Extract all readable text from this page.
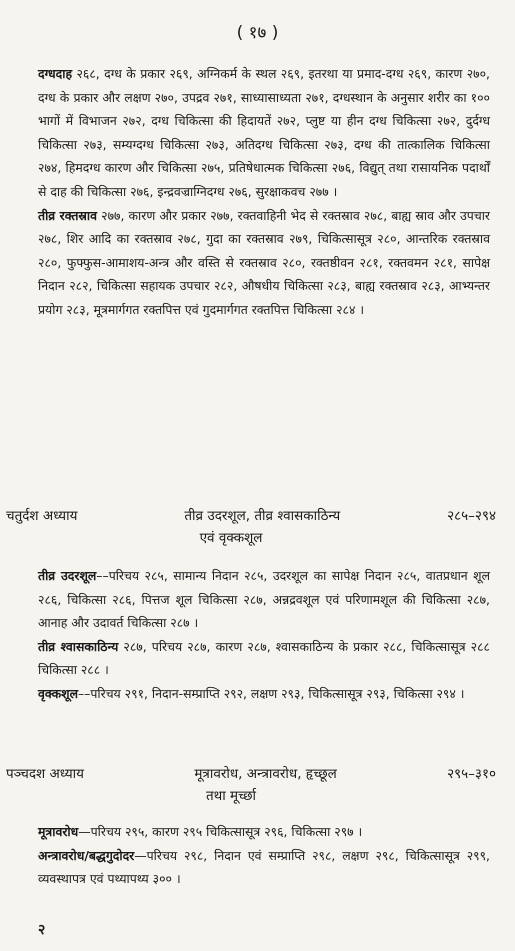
( १७ )
दग्धदाह २६८, दग्ध के प्रकार २६९, अग्निकर्म के स्थल २६९, इतरथा या प्रमाद-दग्ध २६९, कारण २७०, दग्ध के प्रकार और लक्षण २७०, उपद्रव २७१, साध्यासाध्यता २७१, दग्धस्थान के अनुसार शरीर का १०० भागों में विभाजन २७२, दग्ध चिकित्सा की हिदायतें २७२, प्लुष्ट या हीन दग्ध चिकित्सा २७२, दुर्दग्ध चिकित्सा २७३, सम्यग्दग्ध चिकित्सा २७३, अतिदग्ध चिकित्सा २७३, दग्ध की तात्कालिक चिकित्सा २७४, हिमदग्ध कारण और चिकित्सा २७५, प्रतिषेधात्मक चिकित्सा २७६, विद्युत् तथा रासायनिक पदार्थों से दाह की चिकित्सा २७६, इन्द्रवज्राग्निदग्ध २७६, सुरक्षाकवच २७७ ।
तीव्र रक्तस्राव २७७, कारण और प्रकार २७७, रक्तवाहिनी भेद से रक्तस्राव २७८, बाह्य स्राव और उपचार २७८, शिर आदि का रक्तस्राव २७८, गुदा का रक्तस्राव २७९, चिकित्सासूत्र २८०, आन्तरिक रक्तस्राव २८०, फुफ्फुस-आमाशय-अन्त्र और वस्ति से रक्तस्राव २८०, रक्तष्ठीवन २८१, रक्तवमन २८१, सापेक्ष निदान २८२, चिकित्सा सहायक उपचार २८२, औषधीय चिकित्सा २८३, बाह्य रक्तस्राव २८३, आभ्यन्तर प्रयोग २८३, मूत्रमार्गगत रक्तपित्त एवं गुदमार्गगत रक्तपित्त चिकित्सा २८४ ।
चतुर्दश अध्याय	तीव्र उदरशूल, तीव्र श्वासकाठिन्य	२८५–२९४
एवं वृक्कशूल
तीव्र उदरशूल––परिचय २८५, सामान्य निदान २८५, उदरशूल का सापेक्ष निदान २८५, वातप्रधान शूल २८६, चिकित्सा २८६, पित्तज शूल चिकित्सा २८७, अन्नद्रवशूल एवं परिणामशूल की चिकित्सा २८७, आनाह और उदावर्त चिकित्सा २८७ ।
तीव्र श्वासकाठिन्य २८७, परिचय २८७, कारण २८७, श्वासकाठिन्य के प्रकार २८८, चिकित्सासूत्र २८८ चिकित्सा २८८ ।
वृक्कशूल––परिचय २९१, निदान-सम्प्राप्ति २९२, लक्षण २९३, चिकित्सासूत्र २९३, चिकित्सा २९४ ।
पञ्चदश अध्याय	मूत्रावरोध, अन्त्रावरोध, हृच्छूल	२९५–३१०
तथा मूर्च्छा
मूत्रावरोध—परिचय २९५, कारण २९५ चिकित्सासूत्र २९६, चिकित्सा २९७ ।
अन्त्रावरोध/बद्धगुदोदर—परिचय २९८, निदान एवं सम्प्राप्ति २९८, लक्षण २९८, चिकित्सासूत्र २९९, व्यवस्थापत्र एवं पथ्यापथ्य ३०० ।
२
